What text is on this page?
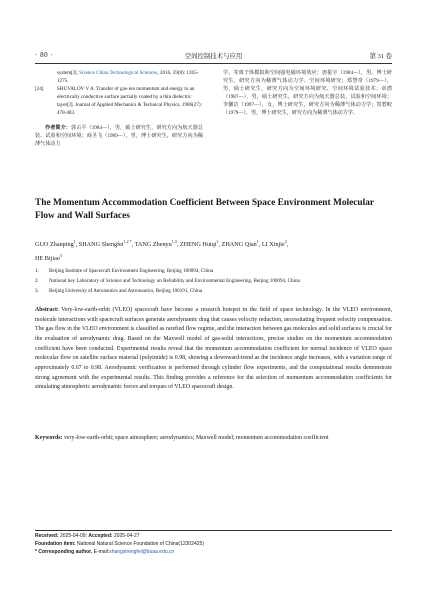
· 80 ·	空间控制技术与应用	第 31 卷
system[J]. Science China Technological Sciences, 2016, 59(8): 1265-1275.
[24]	SHUVALOV V A. Transfer of gas-ion momentum and energy to an electrically conductive surface partially coated by a thin dielectric layer[J]. Journal of Applied Mechanics & Technical Physics, 1986(27): 478-483.
作者简介：郭占平（1984—），男，硕士研究生，研究方向为航天器总装、试验和空间环境；商圣飞（1989—），男，博士研究生，研究方向为稀薄气体动力
学、等离子体模拟和空间强电磁环境效应；唐振宇（1984—），男，博士研究生，研究方向为稀薄气体动力学、空间环境研究；郑慧奇（1979—），男，硕士研究生，研究方向为空间环境研究、空间环境试验技术；章潜（1987—），男，硕士研究生，研究方向为航天器总装、试验和空间环境；李馨洁（1997—），女，博士研究生，研究方向为稀薄气体动力学；贺碧蛟（1979—），男，博士研究生，研究方向为稀薄气体动力学。
The Momentum Accommodation Coefficient Between Space Environment Molecular Flow and Wall Surfaces
GUO Zhanping$^1$, SHANG Shengfei$^{1,2 *}$, TANG Zhenyu$^{1,3}$, ZHENG Huiqi$^1$, ZHANG Qian$^1$, LI Xinjie$^3$,
HE Bijiao$^3$
1. Beijing Institute of Spacecraft Environment Engineering, Beijing 100094, China
2. National key Laboratory of Science and Technology on Reliability and Environmental Engineering, Beijing 100094, China
3. Beijing University of Aeronautics and Astronautics, Beijing 100191, China
Abstract: Very-low-earth-orbit (VLEO) spacecraft have become a research hotspot in the field of space technology. In the VLEO environment, molecule interactions with spacecraft surfaces generate aerodynamic drag that causes velocity reduction, necessitating frequent velocity compensation. The gas flow in the VLEO environment is classified as rarefied flow regime, and the interaction between gas molecules and solid surfaces is crucial for the evaluation of aerodynamic drag. Based on the Maxwell model of gas-solid interactions, precise studies on the momentum accommodation coefficient have been conducted. Experimental results reveal that the momentum accommodation coefficient for normal incidence of VLEO space molecular flow on satellite surface material (polyimide) is 0.98, showing a downward-trend as the incidence angle increases, with a variation range of approximately 0.67 to 0.98. Aerodynamic verification is performed through cylinder flow experiments, and the computational results demonstrate strong agreement with the experimental results. This finding provides a reference for the selection of momentum accommodation coefficients for simulating atmospheric aerodynamic forces and torques of VLEO spacecraft design.
Keywords: very-low-earth-orbit; space atmosphere; aerodynamics; Maxwell model; momentum accommodation coefficient
Received: 2025-04-09; Accepted: 2025-04-27
Foundation item: National Natural Science Foundation of China(12302425)
* Corresponding author. E-mail:shangshengfei@buaa.edu.cn
